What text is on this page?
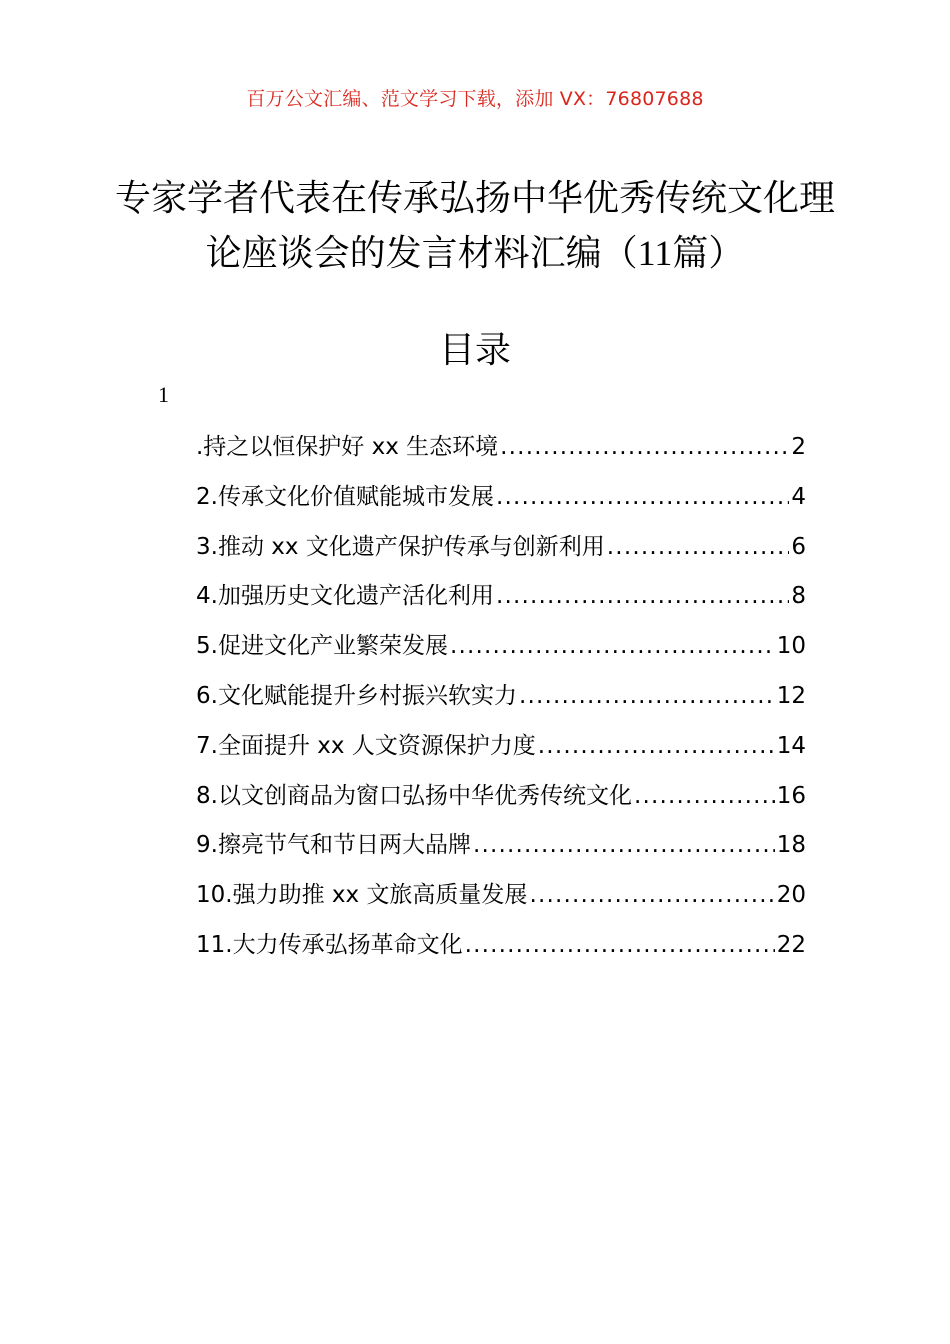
百万公文汇编、范文学习下载，添加 VX：76807688
专家学者代表在传承弘扬中华优秀传统文化理论座谈会的发言材料汇编（11篇）
目录
1
.持之以恒保护好 xx 生态环境 .....	2
2.传承文化价值赋能城市发展 .....	4
3.推动 xx 文化遗产保护传承与创新利用 .....	6
4.加强历史文化遗产活化利用 .....	8
5.促进文化产业繁荣发展 .....	10
6.文化赋能提升乡村振兴软实力 .....	12
7.全面提升 xx 人文资源保护力度 .....	14
8.以文创商品为窗口弘扬中华优秀传统文化 .....	16
9.擦亮节气和节日两大品牌 .....	18
10.强力助推 xx 文旅高质量发展 .....	20
11.大力传承弘扬革命文化 .....	22
